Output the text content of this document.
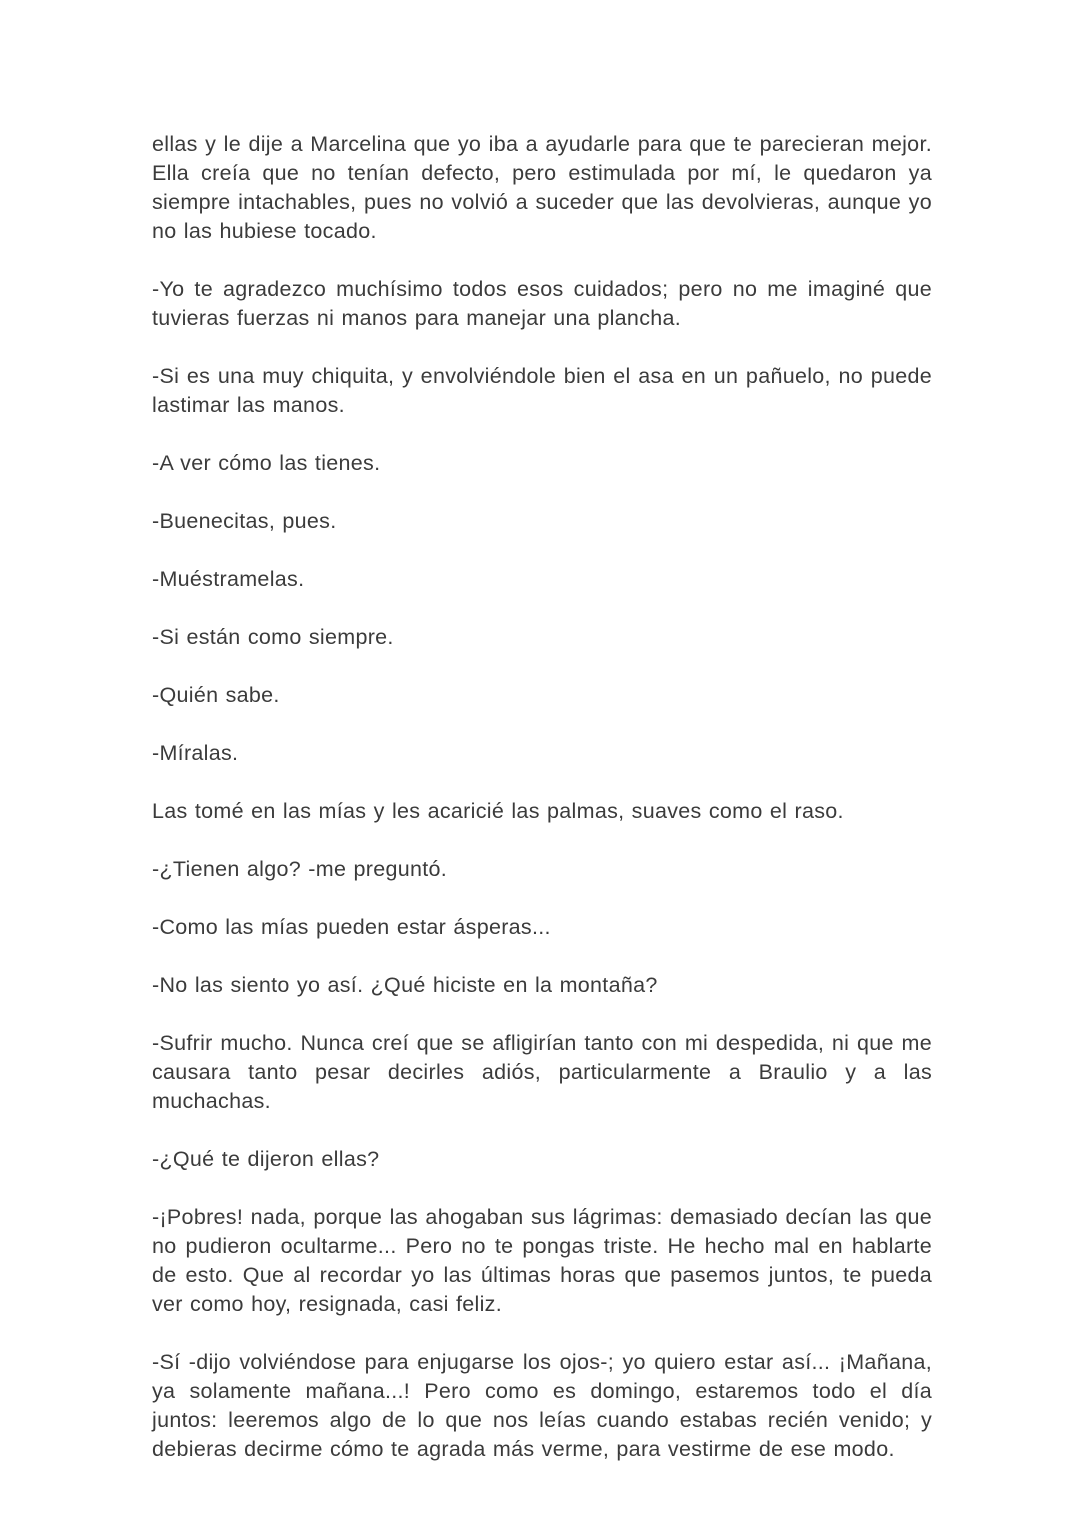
ellas y le dije a Marcelina que yo iba a ayudarle para que te parecieran mejor. Ella creía que no tenían defecto, pero estimulada por mí, le quedaron ya siempre intachables, pues no volvió a suceder que las devolvieras, aunque yo no las hubiese tocado.

-Yo te agradezco muchísimo todos esos cuidados; pero no me imaginé que tuvieras fuerzas ni manos para manejar una plancha.

-Si es una muy chiquita, y envolviéndole bien el asa en un pañuelo, no puede lastimar las manos.

-A ver cómo las tienes.

-Buenecitas, pues.

-Muéstramelas.

-Si están como siempre.

-Quién sabe.

-Míralas.

Las tomé en las mías y les acaricié las palmas, suaves como el raso.

-¿Tienen algo? -me preguntó.

-Como las mías pueden estar ásperas...

-No las siento yo así. ¿Qué hiciste en la montaña?

-Sufrir mucho. Nunca creí que se afligirían tanto con mi despedida, ni que me causara tanto pesar decirles adiós, particularmente a Braulio y a las muchachas.

-¿Qué te dijeron ellas?

-¡Pobres! nada, porque las ahogaban sus lágrimas: demasiado decían las que no pudieron ocultarme... Pero no te pongas triste. He hecho mal en hablarte de esto. Que al recordar yo las últimas horas que pasemos juntos, te pueda ver como hoy, resignada, casi feliz.

-Sí -dijo volviéndose para enjugarse los ojos-; yo quiero estar así... ¡Mañana, ya solamente mañana...! Pero como es domingo, estaremos todo el día juntos: leeremos algo de lo que nos leías cuando estabas recién venido; y debieras decirme cómo te agrada más verme, para vestirme de ese modo.
